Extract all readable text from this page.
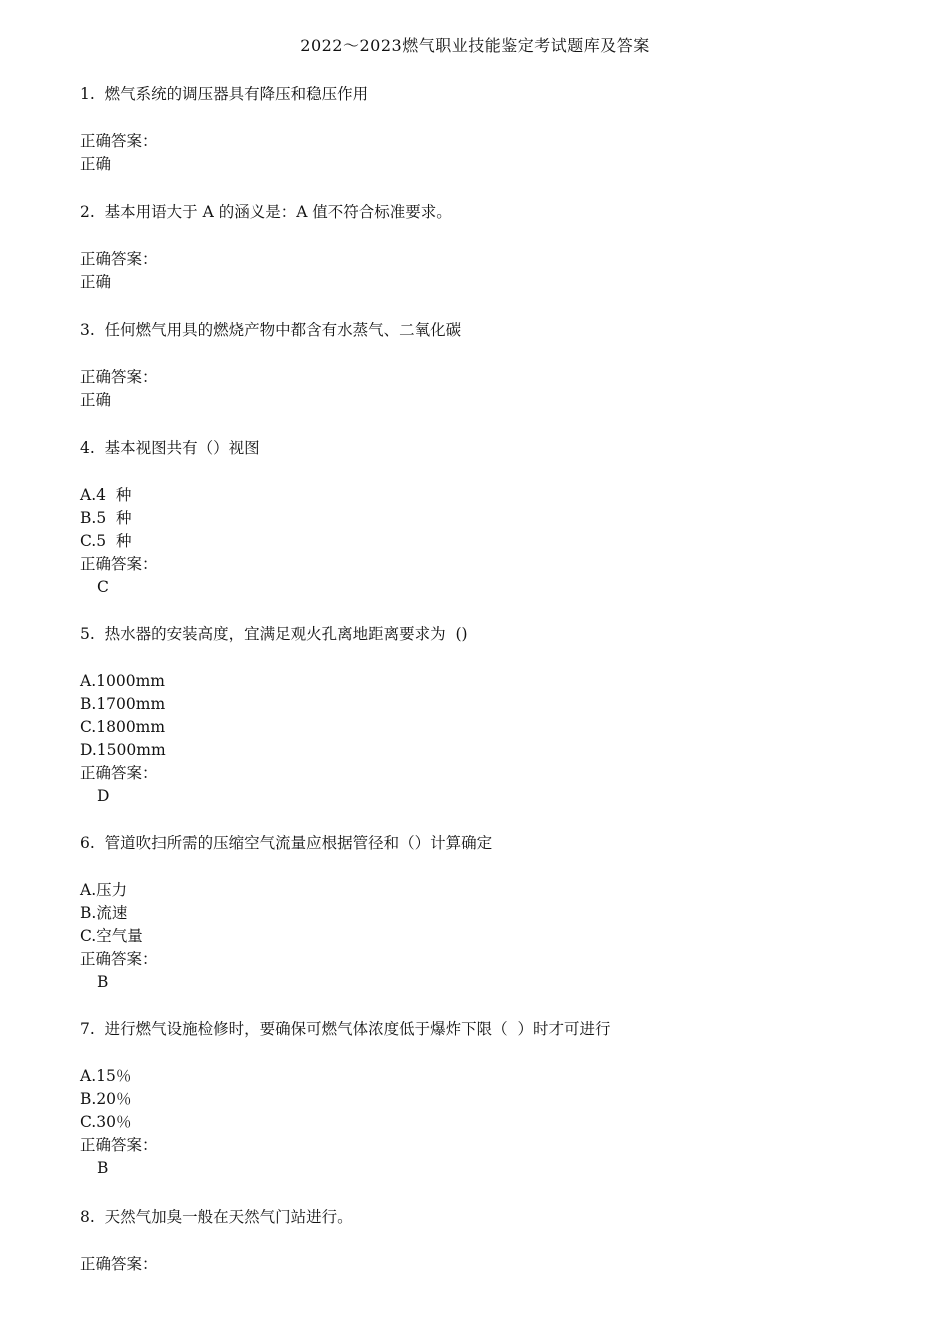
2022～2023燃气职业技能鉴定考试题库及答案
1.  燃气系统的调压器具有降压和稳压作用
正确答案：
正确
2.  基本用语大于 A 的涵义是：A 值不符合标准要求。
正确答案：
正确
3.  任何燃气用具的燃烧产物中都含有水蒸气、二氧化碳
正确答案：
正确
4.  基本视图共有（）视图
A.4  种
B.5  种
C.5  种
正确答案：
C
5.  热水器的安装高度，宜满足观火孔离地距离要求为  ()
A.1000mm
B.1700mm
C.1800mm
D.1500mm
正确答案：
D
6.  管道吹扫所需的压缩空气流量应根据管径和（）计算确定
A.压力
B.流速
C.空气量
正确答案：
B
7.  进行燃气设施检修时，要确保可燃气体浓度低于爆炸下限（  ）时才可进行
A.15％
B.20％
C.30％
正确答案：
B
8.  天然气加臭一般在天然气门站进行。
正确答案：
